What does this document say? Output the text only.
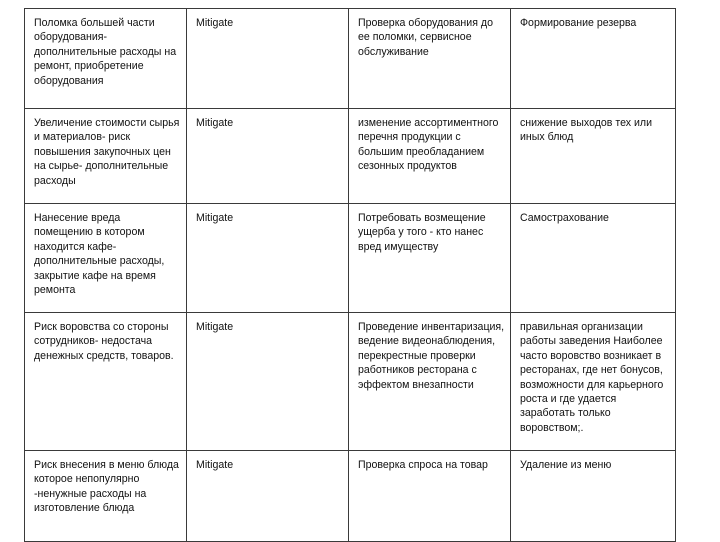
Поломка большей части оборудования- дополнительные расходы на ремонт, приобретение оборудования	Mitigate	Проверка оборудования до ее поломки, сервисное обслуживание	Формирование резерва
Увеличение стоимости сырья и материалов- риск повышения закупочных цен на сырье- дополнительные расходы	Mitigate	изменение ассортиментного перечня продукции с большим преобладанием сезонных продуктов	снижение выходов тех или иных блюд
Нанесение вреда помещению в котором находится кафе- дополнительные расходы, закрытие кафе на время ремонта	Mitigate	Потребовать возмещение ущерба у того - кто нанес вред имуществу	Самострахование
Риск воровства со стороны сотрудников- недостача денежных средств, товаров.	Mitigate	Проведение инвентаризация, ведение видеонаблюдения, перекрестные проверки работников ресторана с эффектом внезапности	правильная организации работы заведения Наиболее часто воровство возникает в ресторанах, где нет бонусов, возможности для карьерного роста и где удается заработать только воровством;.
Риск внесения в меню блюда которое непопулярно -ненужные расходы на изготовление блюда	Mitigate	Проверка спроса на товар	Удаление из меню
